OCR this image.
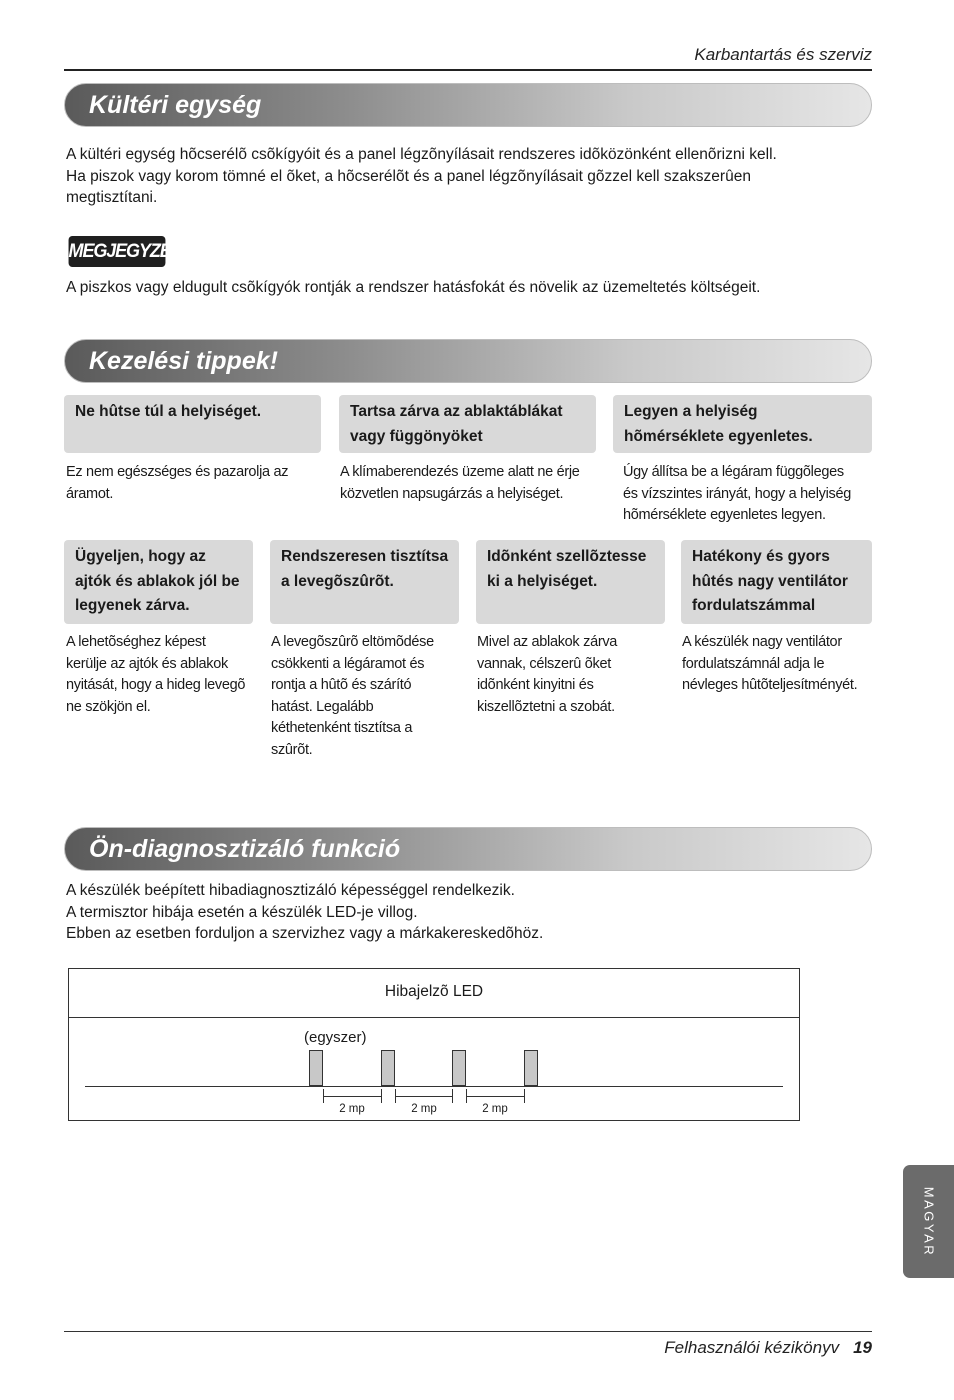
Karbantartás és szerviz
Kültéri egység
A kültéri egység hõcserélõ csõkígyóit és a panel légzõnyílásait rendszeres idõközönként ellenõrizni kell.
Ha piszok vagy korom tömné el õket, a hõcserélõt és a panel légzõnyílásait gõzzel kell szakszerûen
megtisztítani.
MEGJEGYZÉS
A piszkos vagy eldugult csõkígyók rontják a rendszer hatásfokát és növelik az üzemeltetés költségeit.
Kezelési tippek!
Ne hûtse túl a helyiséget.
Ez nem egészséges és pazarolja az
áramot.
Tartsa zárva az ablaktáblákat
vagy függönyöket
A klímaberendezés üzeme alatt ne érje
közvetlen napsugárzás a helyiséget.
Legyen a helyiség
hõmérséklete egyenletes.
Úgy állítsa be a légáram függõleges
és vízszintes irányát, hogy a helyiség
hõmérséklete egyenletes legyen.
Ügyeljen, hogy az
ajtók és ablakok jól be
legyenek zárva.
A lehetõséghez képest
kerülje az ajtók és ablakok
nyitását, hogy a hideg levegõ
ne szökjön el.
Rendszeresen tisztítsa
a levegõszûrõt.
A levegõszûrõ eltömõdése
csökkenti a légáramot és
rontja a hûtõ és szárító
hatást. Legalább
kéthetenként tisztítsa a
szûrõt.
Idõnként szellõztesse
ki a helyiséget.
Mivel az ablakok zárva
vannak, célszerû õket
idõnként kinyitni és
kiszellõztetni a szobát.
Hatékony és gyors
hûtés nagy ventilátor
fordulatszámmal
A készülék nagy ventilátor
fordulatszámnál adja le
névleges hûtõteljesítményét.
Ön-diagnosztizáló funkció
A készülék beépített hibadiagnosztizáló képességgel rendelkezik.
A termisztor hibája esetén a készülék LED-je villog.
Ebben az esetben forduljon a szervizhez vagy a márkakereskedõhöz.
Hibajelzõ LED
(egyszer)
2 mp	2 mp	2 mp
MAGYAR
Felhasználói kézikönyv 19
